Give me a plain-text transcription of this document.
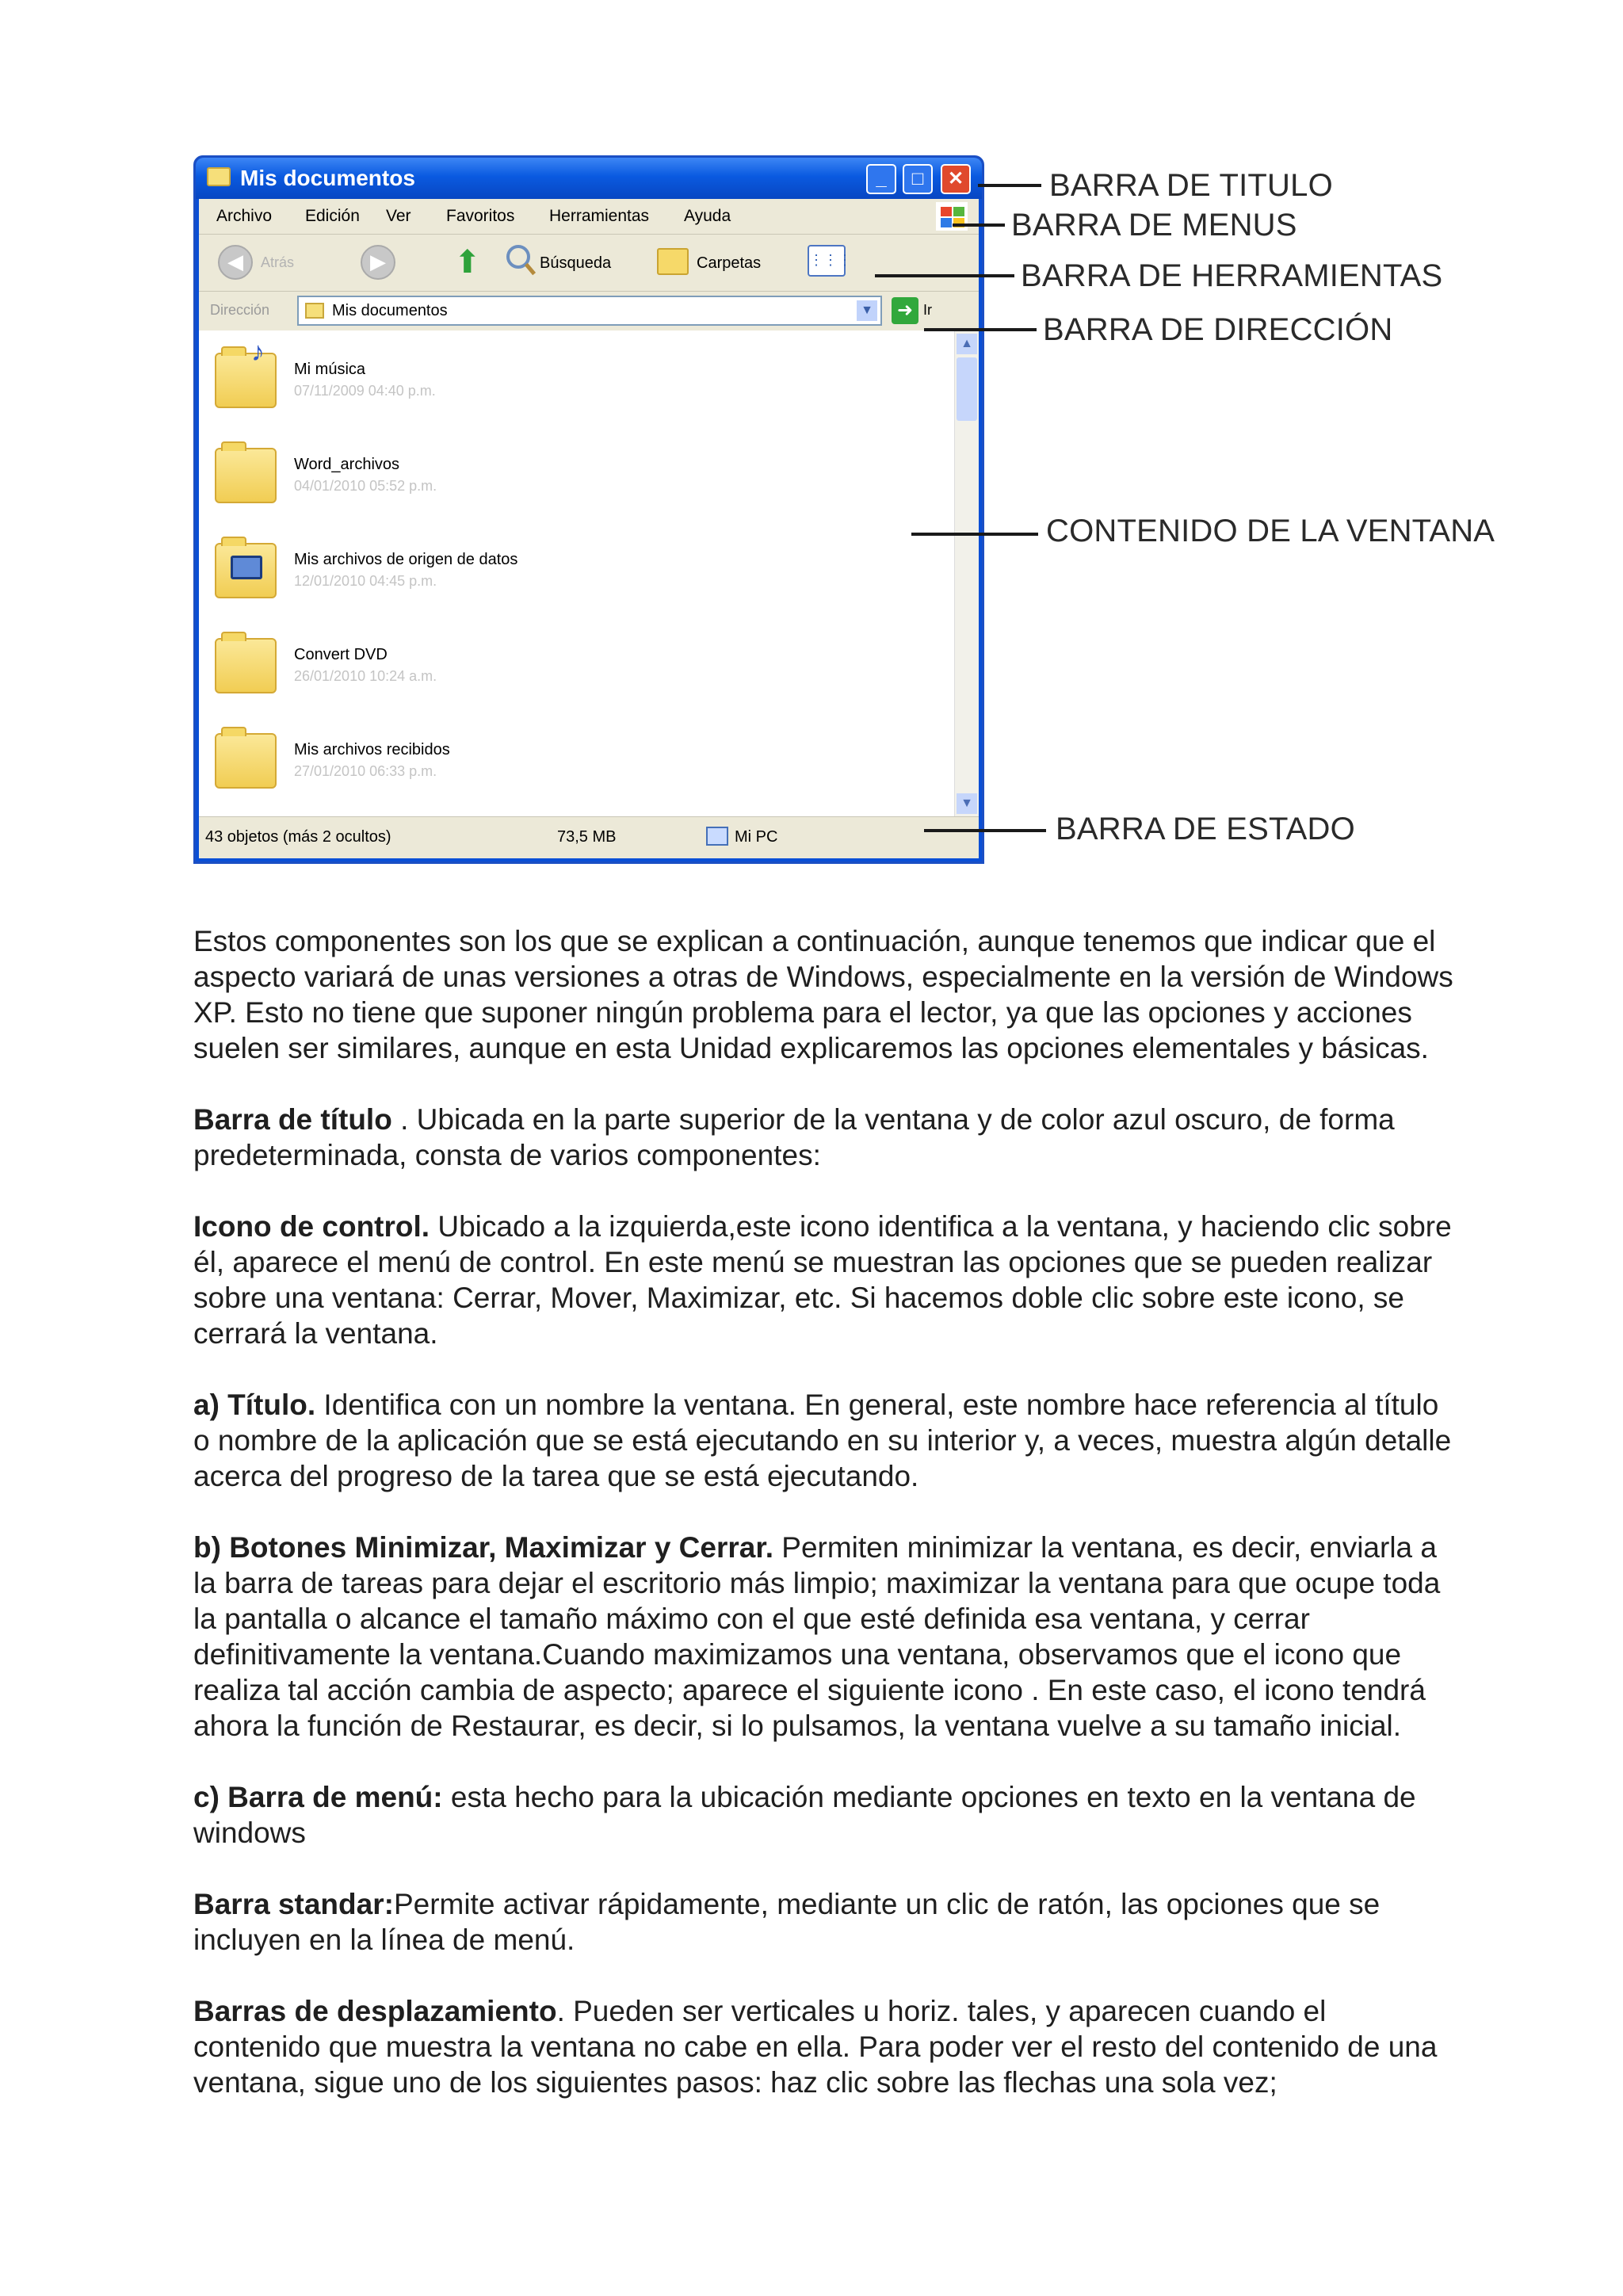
Mis documentos	_	□	✕
Archivo Edición Ver Favoritos Herramientas Ayuda
◀	Atrás	▶	⬆	Búsqueda	Carpetas	⋮⋮⋮
Dirección	Mis documentos	▼ ➜ Ir
♪
Mi música
07/11/2009 04:40 p.m.
Word_archivos
04/01/2010 05:52 p.m.
Mis archivos de origen de datos
12/01/2010 04:45 p.m.
Convert DVD
26/01/2010 10:24 a.m.
Mis archivos recibidos
27/01/2010 06:33 p.m.
▲
▼
43 objetos (más 2 ocultos)	73,5 MB	Mi PC
BARRA DE TITULO
BARRA DE MENUS
BARRA DE HERRAMIENTAS
BARRA DE DIRECCIÓN
CONTENIDO DE LA VENTANA
BARRA DE ESTADO

Estos componentes son los que se explican a continuación, aunque tenemos que indicar que el aspecto variará de unas versiones a otras de Windows, especialmente en la versión de Windows XP. Esto no tiene que suponer ningún problema para el lector, ya que las opciones y acciones suelen ser similares, aunque en esta Unidad explicaremos las opciones elementales y básicas.

Barra de título . Ubicada en la parte superior de la ventana y de color azul oscuro, de forma predeterminada, consta de varios componentes:

Icono de control. Ubicado a la izquierda,este icono identifica a la ventana, y haciendo clic sobre él, aparece el menú de control. En este menú se muestran las opciones que se pueden realizar sobre una ventana: Cerrar, Mover, Maximizar, etc. Si hacemos doble clic sobre este icono, se cerrará la ventana.

a) Título. Identifica con un nombre la ventana. En general, este nombre hace referencia al título o nombre de la aplicación que se está ejecutando en su interior y, a veces, muestra algún detalle acerca del progreso de la tarea que se está ejecutando.

b) Botones Minimizar, Maximizar y Cerrar. Permiten minimizar la ventana, es decir, enviarla a la barra de tareas para dejar el escritorio más limpio; maximizar la ventana para que ocupe toda la pantalla o alcance el tamaño máximo con el que esté definida esa ventana, y cerrar definitivamente la ventana.Cuando maximizamos una ventana, observamos que el icono que realiza tal acción cambia de aspecto; aparece el siguiente icono . En este caso, el icono tendrá ahora la función de Restaurar, es decir, si lo pulsamos, la ventana vuelve a su tamaño inicial.

c) Barra de menú: esta hecho para la ubicación mediante opciones en texto en la ventana de windows

Barra standar:Permite activar rápidamente, mediante un clic de ratón, las opciones que se incluyen en la línea de menú.

Barras de desplazamiento. Pueden ser verticales u horiz. tales, y aparecen cuando el contenido que muestra la ventana no cabe en ella. Para poder ver el resto del contenido de una ventana, sigue uno de los siguientes pasos: haz clic sobre las flechas una sola vez;
